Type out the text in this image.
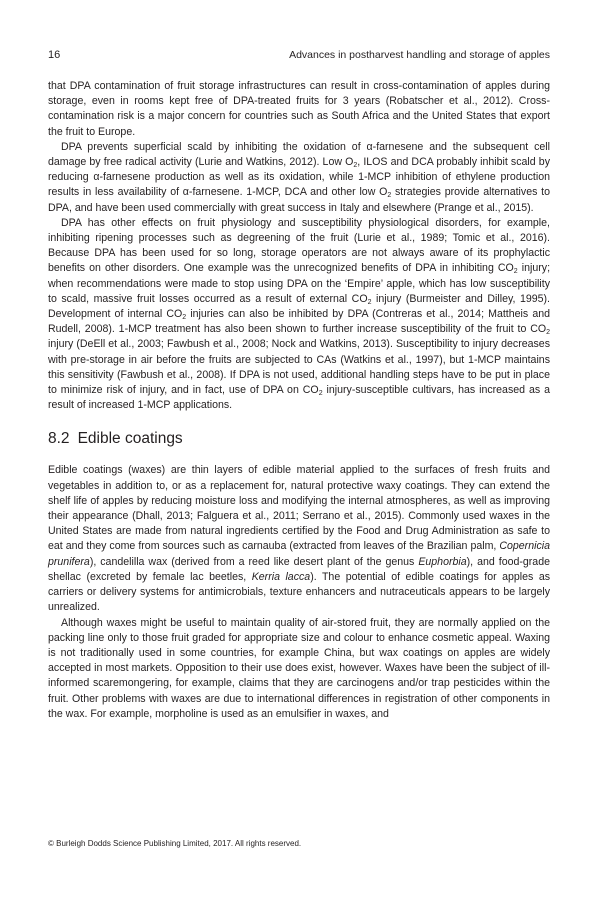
16	Advances in postharvest handling and storage of apples

that DPA contamination of fruit storage infrastructures can result in cross-contamination of apples during storage, even in rooms kept free of DPA-treated fruits for 3 years (Robatscher et al., 2012). Cross-contamination risk is a major concern for countries such as South Africa and the United States that export the fruit to Europe.

DPA prevents superficial scald by inhibiting the oxidation of α-farnesene and the subsequent cell damage by free radical activity (Lurie and Watkins, 2012). Low $O_2$, ILOS and DCA probably inhibit scald by reducing α-farnesene production as well as its oxidation, while 1-MCP inhibition of ethylene production results in less availability of α-farnesene. 1-MCP, DCA and other low $O_2$ strategies provide alternatives to DPA, and have been used commercially with great success in Italy and elsewhere (Prange et al., 2015).

DPA has other effects on fruit physiology and susceptibility physiological disorders, for example, inhibiting ripening processes such as degreening of the fruit (Lurie et al., 1989; Tomic et al., 2016). Because DPA has been used for so long, storage operators are not always aware of its prophylactic benefits on other disorders. One example was the unrecognized benefits of DPA in inhibiting $CO_2$ injury; when recommendations were made to stop using DPA on the ‘Empire’ apple, which has low susceptibility to scald, massive fruit losses occurred as a result of external $CO_2$ injury (Burmeister and Dilley, 1995). Development of internal $CO_2$ injuries can also be inhibited by DPA (Contreras et al., 2014; Mattheis and Rudell, 2008). 1-MCP treatment has also been shown to further increase susceptibility of the fruit to $CO_2$ injury (DeEll et al., 2003; Fawbush et al., 2008; Nock and Watkins, 2013). Susceptibility to injury decreases with pre-storage in air before the fruits are subjected to CAs (Watkins et al., 1997), but 1-MCP maintains this sensitivity (Fawbush et al., 2008). If DPA is not used, additional handling steps have to be put in place to minimize risk of injury, and in fact, use of DPA on $CO_2$ injury-susceptible cultivars, has increased as a result of increased 1-MCP applications.

8.2 Edible coatings

Edible coatings (waxes) are thin layers of edible material applied to the surfaces of fresh fruits and vegetables in addition to, or as a replacement for, natural protective waxy coatings. They can extend the shelf life of apples by reducing moisture loss and modifying the internal atmospheres, as well as improving their appearance (Dhall, 2013; Falguera et al., 2011; Serrano et al., 2015). Commonly used waxes in the United States are made from natural ingredients certified by the Food and Drug Administration as safe to eat and they come from sources such as carnauba (extracted from leaves of the Brazilian palm, Copernicia prunifera), candelilla wax (derived from a reed like desert plant of the genus Euphorbia), and food-grade shellac (excreted by female lac beetles, Kerria lacca). The potential of edible coatings for apples as carriers or delivery systems for antimicrobials, texture enhancers and nutraceuticals appears to be largely unrealized.

Although waxes might be useful to maintain quality of air-stored fruit, they are normally applied on the packing line only to those fruit graded for appropriate size and colour to enhance cosmetic appeal. Waxing is not traditionally used in some countries, for example China, but wax coatings on apples are widely accepted in most markets. Opposition to their use does exist, however. Waxes have been the subject of ill-informed scaremongering, for example, claims that they are carcinogens and/or trap pesticides within the fruit. Other problems with waxes are due to international differences in registration of other components in the wax. For example, morpholine is used as an emulsifier in waxes, and

© Burleigh Dodds Science Publishing Limited, 2017. All rights reserved.
